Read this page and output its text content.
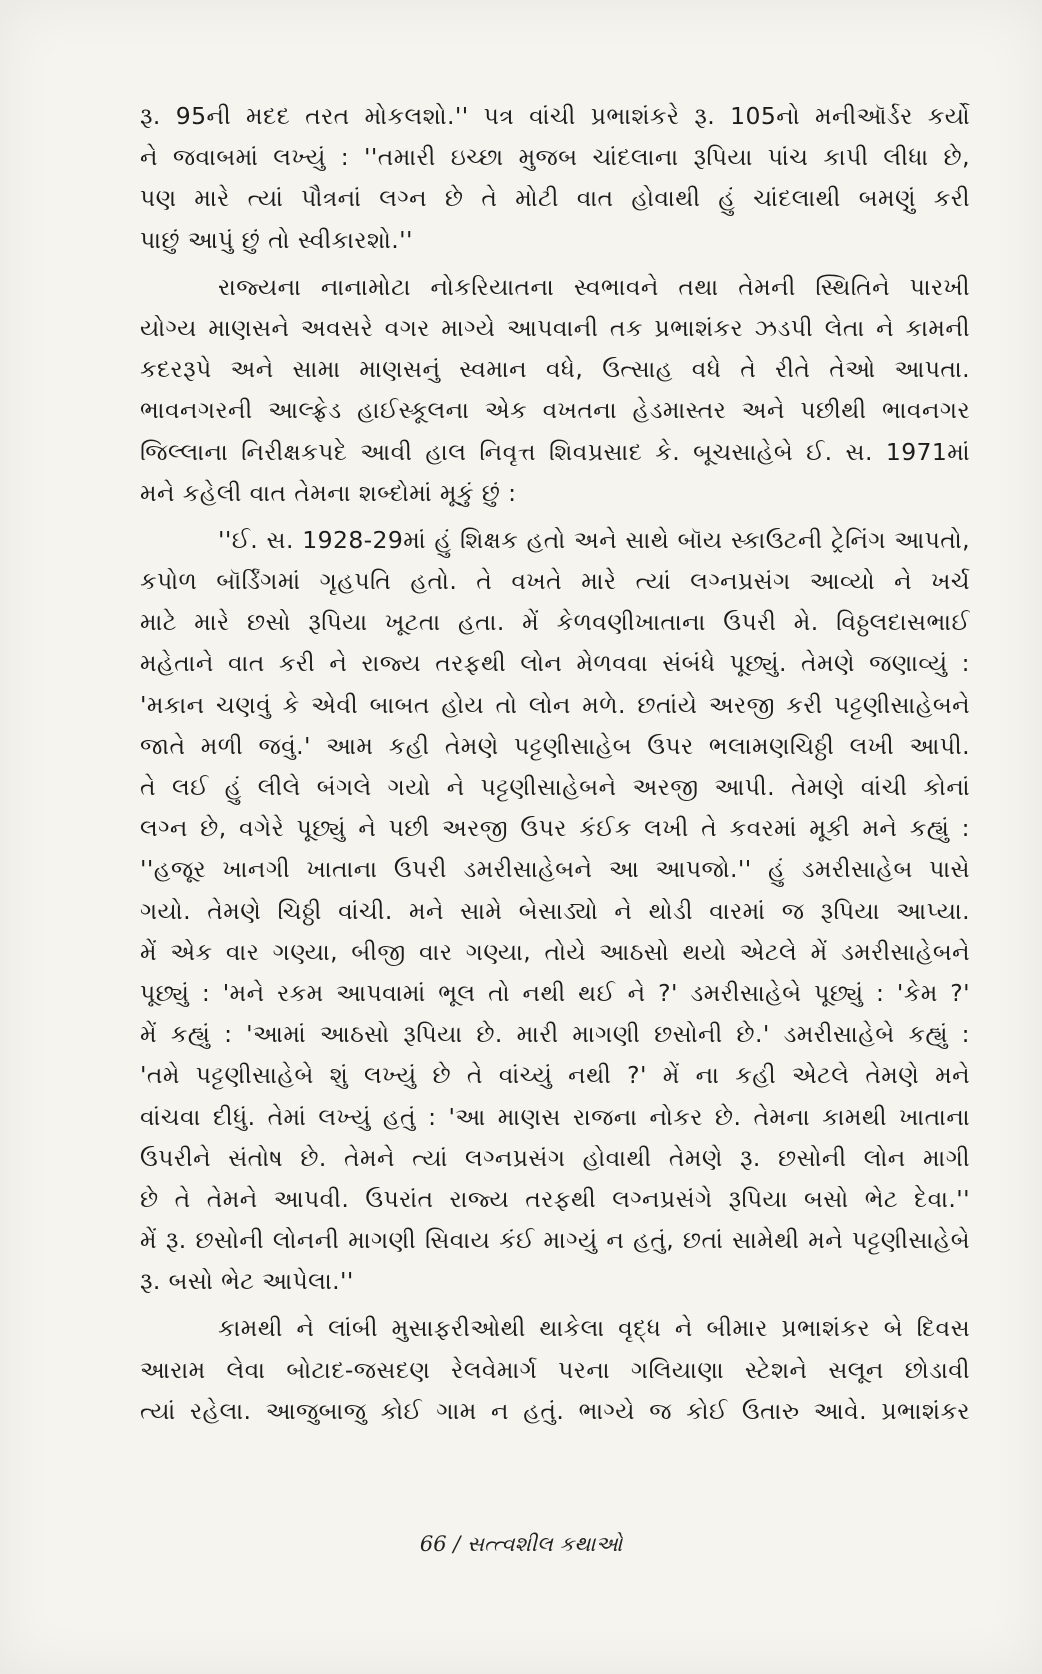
રૂ. 95ની મદદ તરત મોકલશો.'' પત્ર વાંચી પ્રભાશંકરે રૂ. 105નો મનીઑર્ડર કર્યો
ને જવાબમાં લખ્યું : ''તમારી ઇચ્છા મુજબ ચાંદલાના રૂપિયા પાંચ કાપી લીધા છે,
પણ મારે ત્યાં પૌત્રનાં લગ્ન છે તે મોટી વાત હોવાથી હું ચાંદલાથી બમણું કરી
પાછું આપું છું તો સ્વીકારશો.''
રાજ્યના નાનામોટા નોકરિયાતના સ્વભાવને તથા તેમની સ્થિતિને પારખી
યોગ્ય માણસને અવસરે વગર માગ્યે આપવાની તક પ્રભાશંકર ઝડપી લેતા ને કામની
કદરરૂપે અને સામા માણસનું સ્વમાન વધે, ઉત્સાહ વધે તે રીતે તેઓ આપતા.
ભાવનગરની આલ્ફ્રેડ હાઈસ્કૂલના એક વખતના હેડમાસ્તર અને પછીથી ભાવનગર
જિલ્લાના નિરીક્ષકપદે આવી હાલ નિવૃત્ત શિવપ્રસાદ કે. બૂચસાહેબે ઈ. સ. 1971માં
મને કહેલી વાત તેમના શબ્દોમાં મૂકું છું :
''ઈ. સ. 1928-29માં હું શિક્ષક હતો અને સાથે બૉય સ્કાઉટની ટ્રેનિંગ આપતો,
કપોળ બૉર્ડિંગમાં ગૃહપતિ હતો. તે વખતે મારે ત્યાં લગ્નપ્રસંગ આવ્યો ને ખર્ચ
માટે મારે છસો રૂપિયા ખૂટતા હતા. મેં કેળવણીખાતાના ઉપરી મે. વિઠ્ઠલદાસભાઈ
મહેતાને વાત કરી ને રાજ્ય તરફથી લોન મેળવવા સંબંધે પૂછ્યું. તેમણે જણાવ્યું :
'મકાન ચણવું કે એવી બાબત હોય તો લોન મળે. છતાંયે અરજી કરી પટ્ટણીસાહેબને
જાતે મળી જવું.' આમ કહી તેમણે પટ્ટણીસાહેબ ઉપર ભલામણચિઠ્ઠી લખી આપી.
તે લઈ હું લીલે બંગલે ગયો ને પટ્ટણીસાહેબને અરજી આપી. તેમણે વાંચી કોનાં
લગ્ન છે, વગેરે પૂછ્યું ને પછી અરજી ઉપર કંઈક લખી તે કવરમાં મૂકી મને કહ્યું :
''હજૂર ખાનગી ખાતાના ઉપરી ડમરીસાહેબને આ આપજો.'' હું ડમરીસાહેબ પાસે
ગયો. તેમણે ચિઠ્ઠી વાંચી. મને સામે બેસાડ્યો ને થોડી વારમાં જ રૂપિયા આપ્યા.
મેં એક વાર ગણ્યા, બીજી વાર ગણ્યા, તોયે આઠસો થયો એટલે મેં ડમરીસાહેબને
પૂછ્યું : 'મને રકમ આપવામાં ભૂલ તો નથી થઈ ને ?' ડમરીસાહેબે પૂછ્યું : 'કેમ ?'
મેં કહ્યું : 'આમાં આઠસો રૂપિયા છે. મારી માગણી છસોની છે.' ડમરીસાહેબે કહ્યું :
'તમે પટ્ટણીસાહેબે શું લખ્યું છે તે વાંચ્યું નથી ?' મેં ના કહી એટલે તેમણે મને
વાંચવા દીધું. તેમાં લખ્યું હતું : 'આ માણસ રાજના નોકર છે. તેમના કામથી ખાતાના
ઉપરીને સંતોષ છે. તેમને ત્યાં લગ્નપ્રસંગ હોવાથી તેમણે રૂ. છસોની લોન માગી
છે તે તેમને આપવી. ઉપરાંત રાજ્ય તરફથી લગ્નપ્રસંગે રૂપિયા બસો ભેટ દેવા.''
મેં રૂ. છસોની લોનની માગણી સિવાય કંઈ માગ્યું ન હતું, છતાં સામેથી મને પટ્ટણીસાહેબે
રૂ. બસો ભેટ આપેલા.''
કામથી ને લાંબી મુસાફરીઓથી થાકેલા વૃદ્ધ ને બીમાર પ્રભાશંકર બે દિવસ
આરામ લેવા બોટાદ-જસદણ રેલવેમાર્ગ પરના ગલિયાણા સ્ટેશને સલૂન છોડાવી
ત્યાં રહેલા. આજુબાજુ કોઈ ગામ ન હતું. ભાગ્યે જ કોઈ ઉતારુ આવે. પ્રભાશંકર
66 / સત્ત્વશીલ કથાઓ
